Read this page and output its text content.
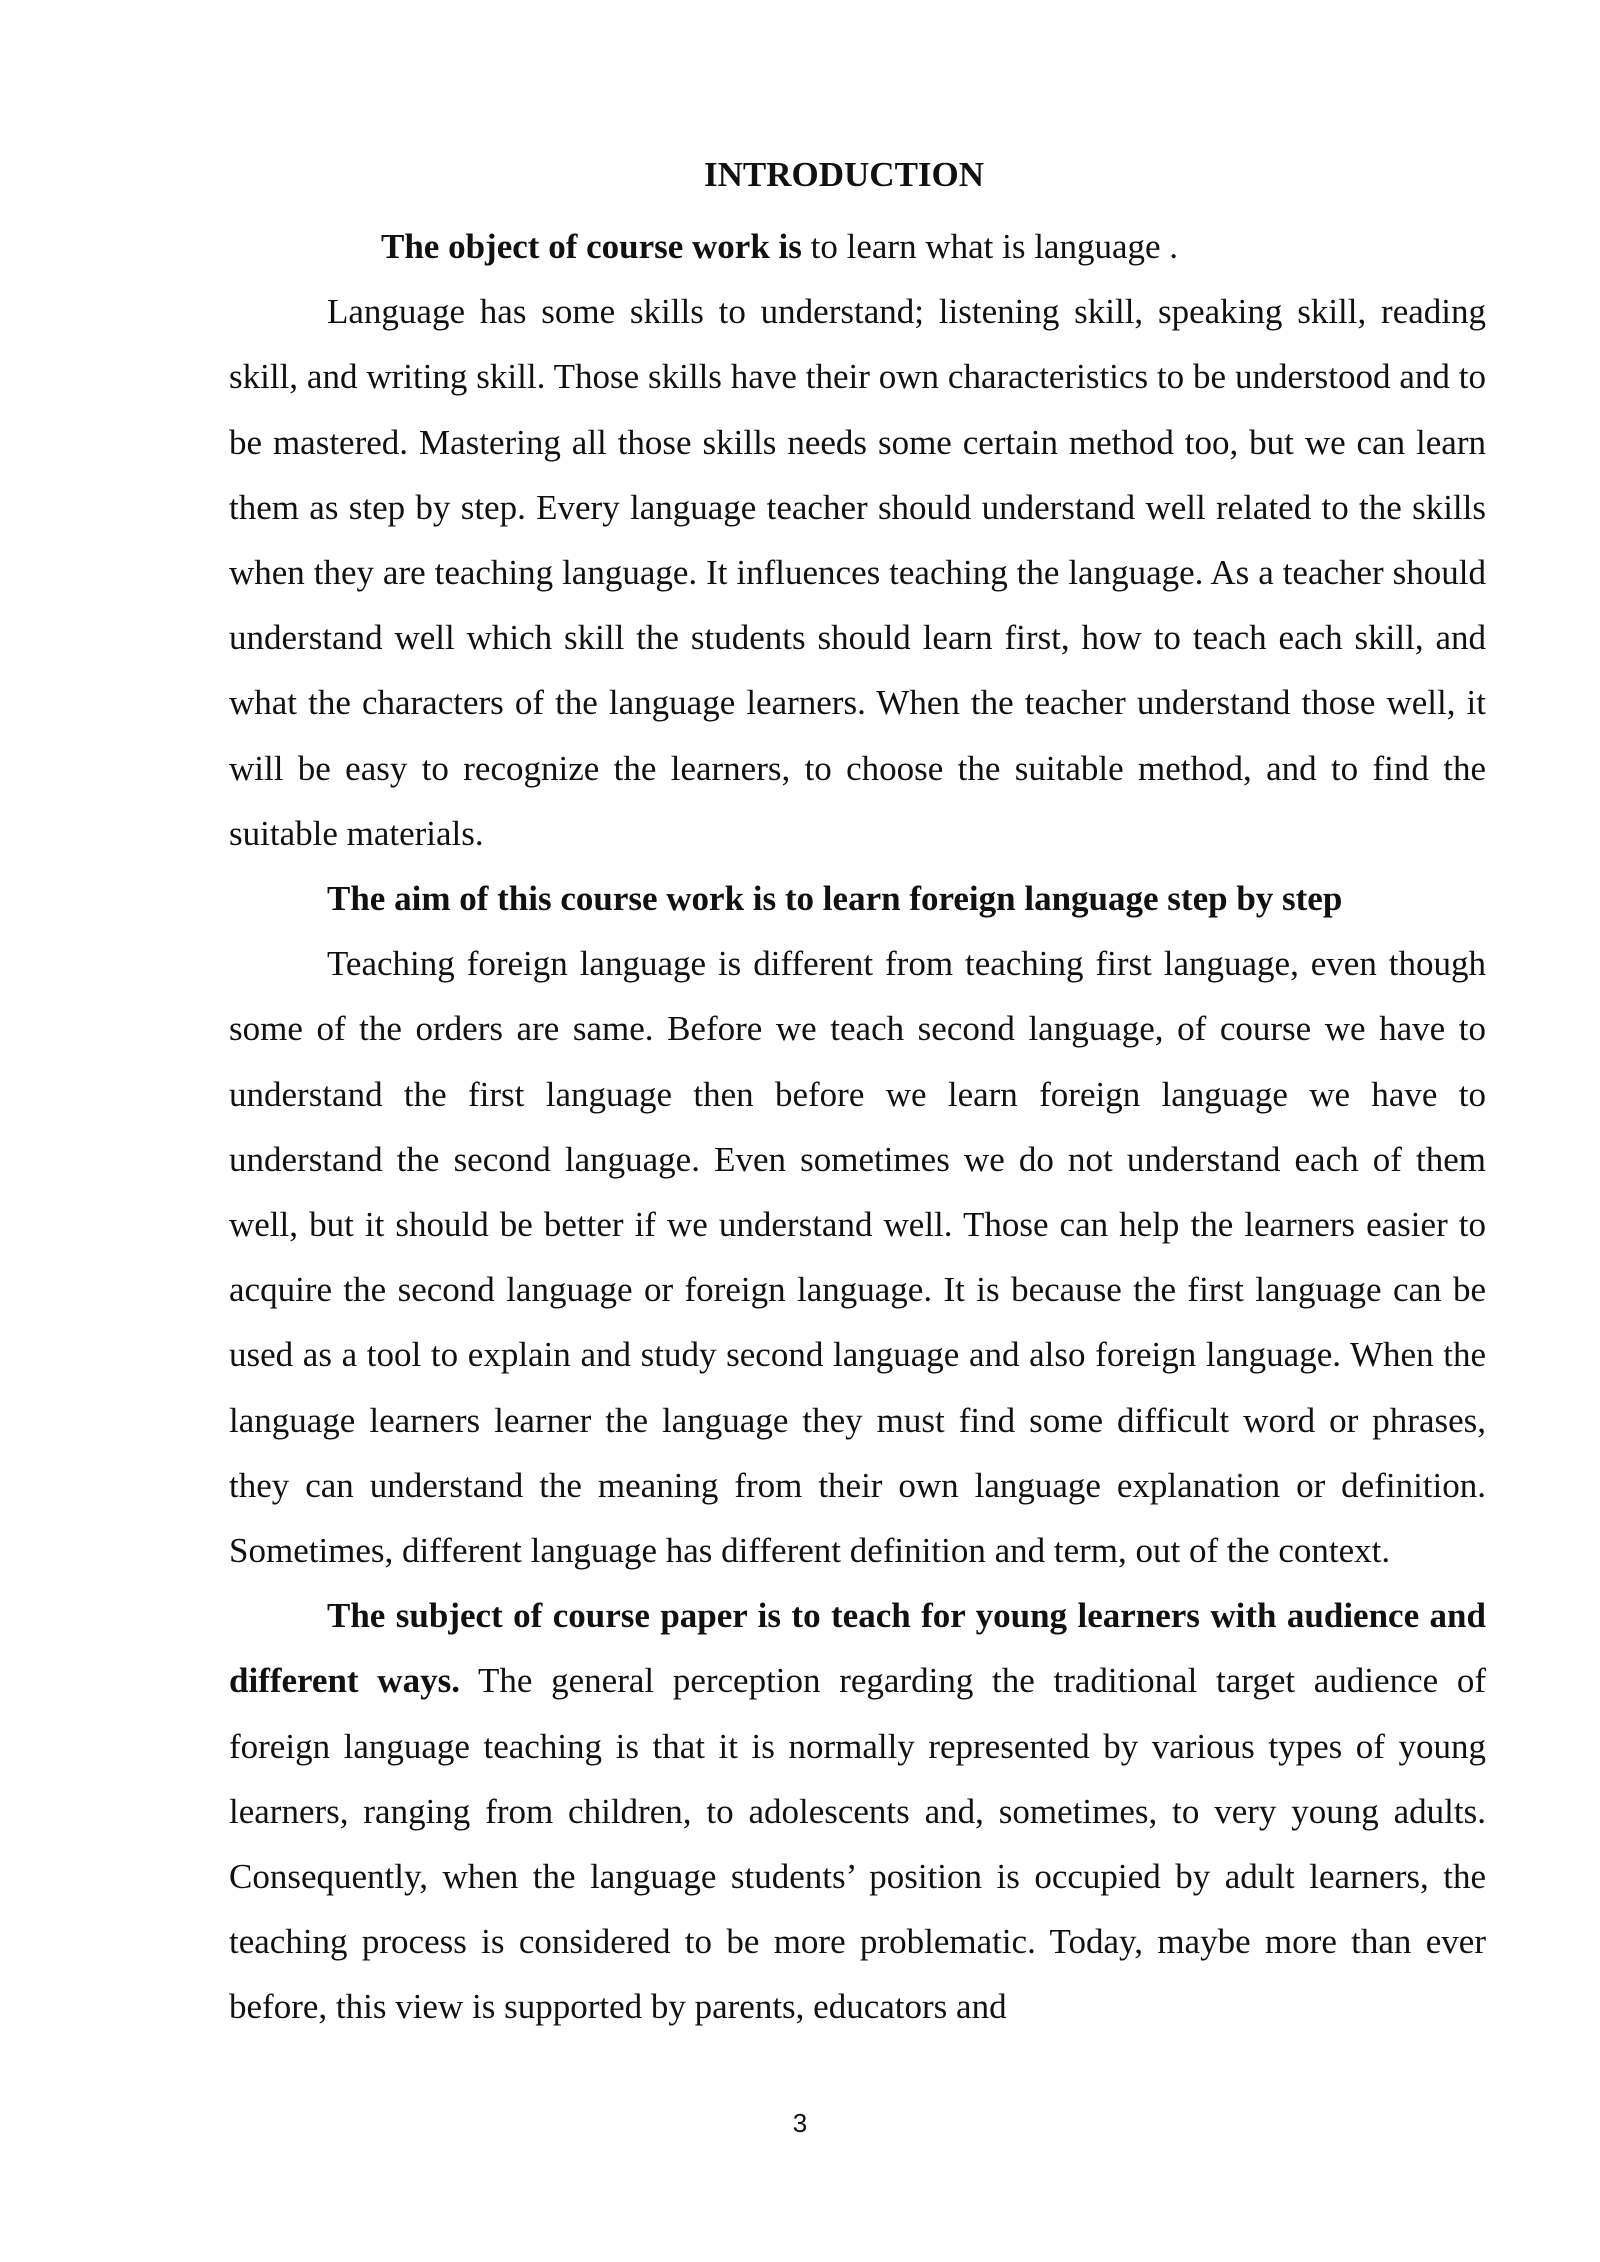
INTRODUCTION

The object of course work is to learn what is language .

Language has some skills to understand; listening skill, speaking skill, reading skill, and writing skill. Those skills have their own characteristics to be understood and to be mastered. Mastering all those skills needs some certain method too, but we can learn them as step by step. Every language teacher should understand well related to the skills when they are teaching language. It influences teaching the language. As a teacher should understand well which skill the students should learn first, how to teach each skill, and what the characters of the language learners. When the teacher understand those well, it will be easy to recognize the learners, to choose the suitable method, and to find the suitable materials.

The aim of this course work is to learn foreign language step by step

Teaching foreign language is different from teaching first language, even though some of the orders are same. Before we teach second language, of course we have to understand the first language then before we learn foreign language we have to understand the second language. Even sometimes we do not understand each of them well, but it should be better if we understand well. Those can help the learners easier to acquire the second language or foreign language. It is because the first language can be used as a tool to explain and study second language and also foreign language. When the language learners learner the language they must find some difficult word or phrases, they can understand the meaning from their own language explanation or definition. Sometimes, different language has different definition and term, out of the context.

The subject of course paper is to teach for young learners with audience and different ways. The general perception regarding the traditional target audience of foreign language teaching is that it is normally represented by various types of young learners, ranging from children, to adolescents and, sometimes, to very young adults. Consequently, when the language students’ position is occupied by adult learners, the teaching process is considered to be more problematic. Today, maybe more than ever before, this view is supported by parents, educators and

3
